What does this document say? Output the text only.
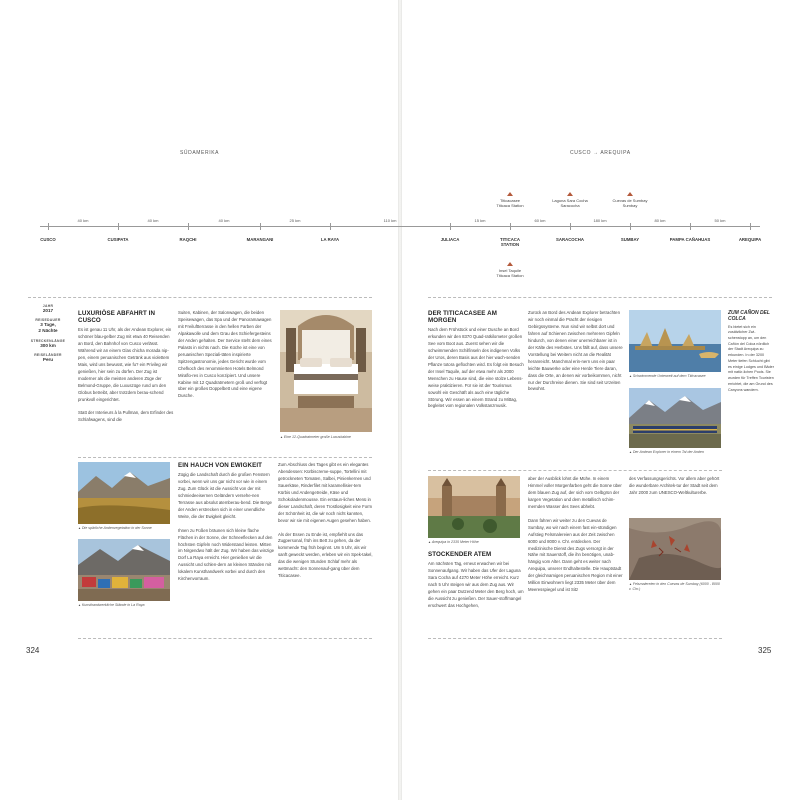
SÜDAMERIKA	CUSCO → AREQUIPA
CUSCO	CUSIPATA	RAQCHI	MARANGANI	LA RAYA	JULIACA	TITICACA
STATION
SARACOCHA	SUMBAY	PAMPA CAÑAHUAS	AREQUIPA
40 km	40 km	40 km	25 km	110 km	15 km	60 km	180 km	80 km	50 km
Titicacasee
Titicaca Station
Laguna Sara Cocha
Saracocha
Cuevas de Sumbay
Sumbay
Insel Taquile
Titicaca Station
JAHR
2017
REISEDAUER
3 Tage,
2 Nächte
STRECKENLÄNGE
300 km
REISELÄNDER
Peru
LUXURIÖSE ABFAHRT IN CUSCO
Es ist genau 11 Uhr, als der Andean Explorer, ein schöner blau-gelber Zug mit etwa 40 Reisenden an Bord, den Bahnhof von Cusco verlässt. Während wir an einem Glas chicha morada nip-pen, einem peruanischen Getränk aus violettem Mais, wird uns bewusst, wie fu? ein Privileg wir genießen, hier sein zu dürfen. Der Zug ist moderner als die meisten anderen Züge der Belmond-Gruppe, die Luxuszüge rund um den Globus betreibt, aber trotzdem berau-schend prunkvoll eingerichtet.

Statt der Interieurs à la Pullman, dem Erfinder des Schlafwagens, sind die
Suiten, Kabinen, der Salonwagen, die beiden Speisewagen, das Spa und der Panoramawagen mit Freiluftterrasse in den hellen Farben der Alpakawolle und dem Grau des Schiefergesteins der Anden gehalten. Der Service steht dem eines Palasts in nichts nach. Die Küche ist eine von peruanischen Speziali-täten inspirierte Spitzengastronomie, jedes Gericht wurde vom Chefkoch des renommierten Hotels Belmond Miraflo-res in Cusco konzipiert. Und unsere Kabine mit 12 Quadratmetern groß und verfügt über ein großes Doppelbett und eine eigene Dusche.
▲ Eine 12-Quadratmeter große Luxuskabine
▲ Die spärliche Andenvegetation in der Sonne
▲ Kunsthandwerkliche Stände in La Raya
EIN HAUCH VON EWIGKEIT
Zügig die Landschaft durch die großen Fenstern vorbei, wenn wir uns gar nicht vor wie in einem Zug. Zum Glück ist die Aussicht von der mit schmiedeeisernen Geländern versehe-nen Terrasse aus absolut atemberau-bend. Die Berge der Anden erstrecken sich in einer unendliche Weite, die der Ewigkeit gleicht.

Ihnen zu Füßen bräunen sich kleine flache Flächen in der Sonne, der Schneeflecken auf den höchsten Gipfeln noch Widerstand leisten. Mitten im Nirgendwo hält der Zug. Wir haben das winzige Dorf La Raya erreicht. Hier genießen wir die Aussicht und schlen-dern an kleinen Ständen mit lokalem Kunsthandwerk vorbei und durch den Kirchenvorraum.
Zum Abschluss des Tages gibt es ein elegantes Abendessen: Kürbiscreme-suppe, Tortellini mit getrockneten Tomaten, Salbei, Pinienkernen und Sauerkäse, Rinderfilet mit karamellisier-tem Kürbis und Andengetreide, Käse und Schokoladenmousse. Ein erstaun-liches Menü in dieser Landschaft, deren Trostlosigkeit eine Form der Schönheit ist, die wir noch nicht kannten, bevor wir sie mit eigenen Augen gesehen haben.

Als der Essen zu Ende ist, empfiehlt uns das Zugpersonal, früh ins Bett zu gehen, da der kommende Tag früh beginnt. Um 5 Uhr, als wir sanft geweckt werden, erleben wir ein Spek-takel, das die wenigen Stunden Schlaf mehr als wettmacht: den Sonnenauf-gang über dem Titicacasee.
324
DER TITICACASEE AM MORGEN
Nach dem Frühstück und einer Dusche an Bord erkunden wir den 8370 Quad-ratkilometer großen See vom Boot aus. Zuerst sehen wir die schwimmenden Schilfinseln des indigenen Volks der Uros, deren Basis aus der hier wach-senden Pflanze totora geflochten wird. Es folgt ein Besuch der Insel Taquile, auf der etwa mehr als 2000 Menschen zu Hause sind, die eine stolze Lebens-weise praktizieren. Für sie ist der Tourismus sowohl ein Geschäft als auch eine tägliche Störung. Wir essen an einem Strand zu Mittag, begleitet vom regionalen Volkstanzmusik.
Zurück an Bord des Andean Explorer betrachten wir noch einmal die Pracht der riesigen Gebirgssysteme. Nun sind wir selbst dort und fahren auf Schienen zwischen mehreren Gipfeln hindurch, von denen einer unerreichbarer ist in der Kälte des Herbstes. Uns fällt auf, dass unsere Vorstellung bei Weitem nicht an die Realität heranreicht. Manchmal erin-nern uns ein paar leichte Bauwerke oder eine Herde Tiere daran, dass die Orte, an denen wir vorbeikommen, nicht nur der Durchreise dienen. Sie sind seit Urzeiten bewohnt.
▲ Schwimmende Unterwelt auf dem Titicacasee
▲ Der Andean Explorer in einem Tal der Anden
ZUM CAÑON DEL COLCA
Es bietet sich ein zusätzlicher Zwi-schenstopp an, um den Cañón del Colca nördlich der Stadt Arequipa zu erkunden. In der 3200 Meter tiefen Schlucht gibt es einige Lodges und Bäder mit natür-lichen Pools. Sie wurden für Treffen Touristen errichtet, die am Grund des Canyons wandern.
▲ Arequipa in 2335 Meter Höhe
STOCKENDER ATEM
Am nächsten Tag, erneut erwachen wir bei Sonnenaufgang. Wir haben das Ufer der Laguna Sara Cocha auf 4270 Meter Höhe erreicht. Kurz nach 5 Uhr steigen wir aus dem Zug aus. Wir gehen ein paar Dutzend Meter den Berg hoch, um die Aussicht zu genießen. Der Sauer-stoffmangel erschwert das Hochgehen,
aber der Ausblick lohnt die Mühe. In einem Himmel voller Morgenfarben geht die Sonne über dem blauen Zug auf, der sich vom Gelbgrün der kargen Vegetation und dem metallisch schim-mernden Wasser des Sees abhebt.

Dann fahren wir weiter zu den Cuevas de Sumbay, wo wir nach einem fast ein-stündigen Aufstieg Felsmalereien aus der Zeit zwischen 6000 und 8000 v. Chr. entdecken. Der medizinische Dienst des Zugs versorgt in der Nähe mit Sauerstoff, die ihn benötigen, unab-hängig vom Alter. Dann geht es weiter nach Arequipa, unserer Endhaltestelle. Die Hauptstadt der gleichnamigen peruanischen Region mit einer Million Einwohnern liegt 2335 Meter über dem Meeresspiegel und ist Sitz
des Verfassungsgerichts. Vor allem aber gehört die wunderbare Architek-tur der Stadt seit dem Jahr 2000 zum UNESCO-Weltkulturerbe.
▲ Felsmalereien in den Cuevas de Sumbay (6000 - 8000 v. Chr.)
325
